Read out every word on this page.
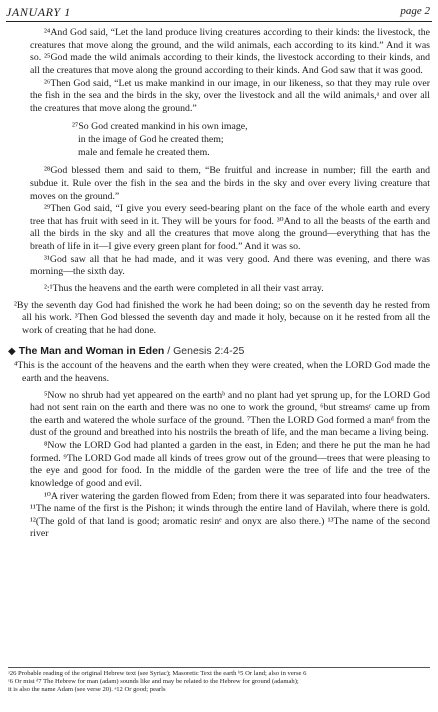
JANUARY 1	page 2

²⁴And God said, “Let the land produce living creatures according to their kinds: the livestock, the creatures that move along the ground, and the wild animals, each according to its kind.” And it was so. ²⁵God made the wild animals according to their kinds, the livestock according to their kinds, and all the creatures that move along the ground according to their kinds. And God saw that it was good.

²⁶Then God said, “Let us make mankind in our image, in our likeness, so that they may rule over the fish in the sea and the birds in the sky, over the livestock and all the wild animals,ᵃ and over all the creatures that move along the ground.”

²⁷So God created mankind in his own image,
in the image of God he created them;
male and female he created them.

²⁸God blessed them and said to them, “Be fruitful and increase in number; fill the earth and subdue it. Rule over the fish in the sea and the birds in the sky and over every living creature that moves on the ground.”

²⁹Then God said, “I give you every seed-bearing plant on the face of the whole earth and every tree that has fruit with seed in it. They will be yours for food. ³⁰And to all the beasts of the earth and all the birds in the sky and all the creatures that move along the ground—everything that has the breath of life in it—I give every green plant for food.” And it was so.

³¹God saw all that he had made, and it was very good. And there was evening, and there was morning—the sixth day.

²:¹Thus the heavens and the earth were completed in all their vast array.

²By the seventh day God had finished the work he had been doing; so on the seventh day he rested from all his work. ³Then God blessed the seventh day and made it holy, because on it he rested from all the work of creating that he had done.

◆ The Man and Woman in Eden / Genesis 2:4-25

⁴This is the account of the heavens and the earth when they were created, when the LORD God made the earth and the heavens.

⁵Now no shrub had yet appeared on the earthᵇ and no plant had yet sprung up, for the LORD God had not sent rain on the earth and there was no one to work the ground, ⁶but streamsᶜ came up from the earth and watered the whole surface of the ground. ⁷Then the LORD God formed a manᵈ from the dust of the ground and breathed into his nostrils the breath of life, and the man became a living being.

⁸Now the LORD God had planted a garden in the east, in Eden; and there he put the man he had formed. ⁹The LORD God made all kinds of trees grow out of the ground—trees that were pleasing to the eye and good for food. In the middle of the garden were the tree of life and the tree of the knowledge of good and evil.

¹⁰A river watering the garden flowed from Eden; from there it was separated into four headwaters. ¹¹The name of the first is the Pishon; it winds through the entire land of Havilah, where there is gold. ¹²(The gold of that land is good; aromatic resinᵉ and onyx are also there.) ¹³The name of the second river

ᵃ26 Probable reading of the original Hebrew text (see Syriac); Masoretic Text the earth ᵇ5 Or land; also in verse 6
ᶜ6 Or mist ᵈ7 The Hebrew for man (adam) sounds like and may be related to the Hebrew for ground (adamah);
it is also the name Adam (see verse 20). ᵉ12 Or good; pearls
